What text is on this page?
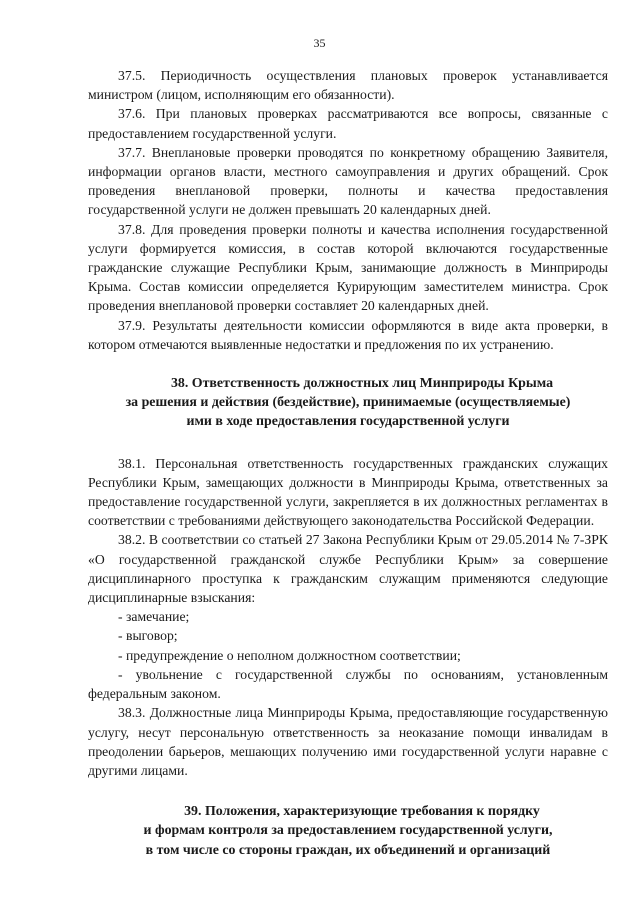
35

37.5. Периодичность осуществления плановых проверок устанавливается министром (лицом, исполняющим его обязанности).

37.6. При плановых проверках рассматриваются все вопросы, связанные с предоставлением государственной услуги.

37.7. Внеплановые проверки проводятся по конкретному обращению Заявителя, информации органов власти, местного самоуправления и других обращений. Срок проведения внеплановой проверки, полноты и качества предоставления государственной услуги не должен превышать 20 календарных дней.

37.8. Для проведения проверки полноты и качества исполнения государственной услуги формируется комиссия, в состав которой включаются государственные гражданские служащие Республики Крым, занимающие должность в Минприроды Крыма. Состав комиссии определяется Курирующим заместителем министра. Срок проведения внеплановой проверки составляет 20 календарных дней.

37.9. Результаты деятельности комиссии оформляются в виде акта проверки, в котором отмечаются выявленные недостатки и предложения по их устранению.

38. Ответственность должностных лиц Минприроды Крыма

за решения и действия (бездействие), принимаемые (осуществляемые)

ими в ходе предоставления государственной услуги

38.1. Персональная ответственность государственных гражданских служащих Республики Крым, замещающих должности в Минприроды Крыма, ответственных за предоставление государственной услуги, закрепляется в их должностных регламентах в соответствии с требованиями действующего законодательства Российской Федерации.

38.2. В соответствии со статьей 27 Закона Республики Крым от 29.05.2014 № 7-ЗРК «О государственной гражданской службе Республики Крым» за совершение дисциплинарного проступка к гражданским служащим применяются следующие дисциплинарные взыскания:

- замечание;

- выговор;

- предупреждение о неполном должностном соответствии;

- увольнение с государственной службы по основаниям, установленным федеральным законом.

38.3. Должностные лица Минприроды Крыма, предоставляющие государственную услугу, несут персональную ответственность за неоказание помощи инвалидам в преодолении барьеров, мешающих получению ими государственной услуги наравне с другими лицами.

39. Положения, характеризующие требования к порядку

и формам контроля за предоставлением государственной услуги,

в том числе со стороны граждан, их объединений и организаций
